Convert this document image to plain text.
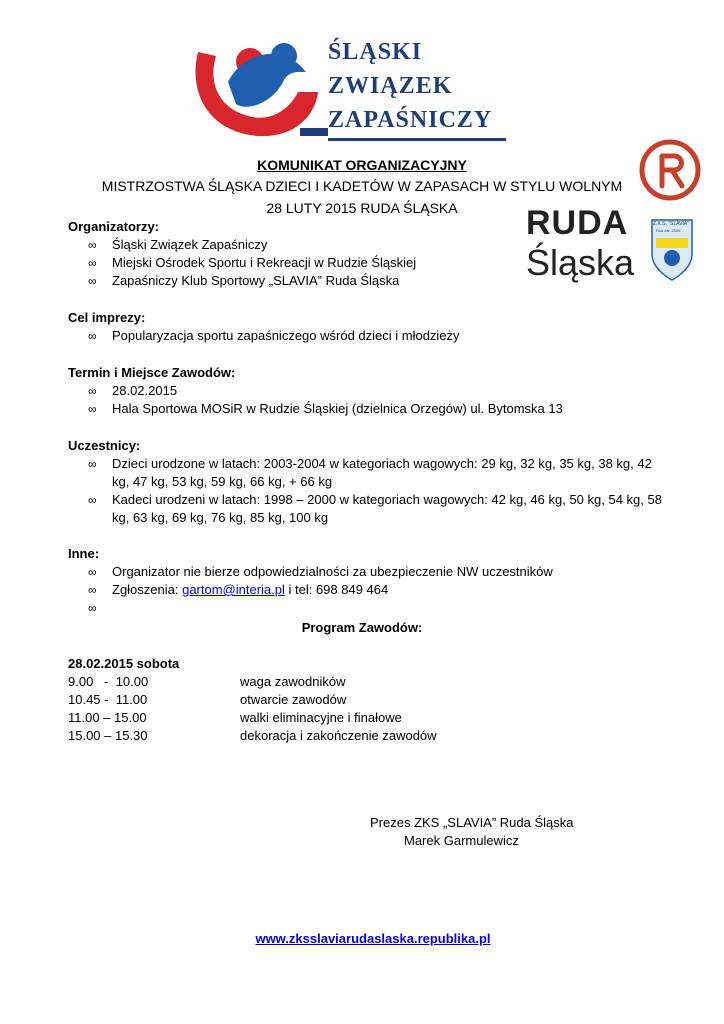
ŚLĄSKI
ZWIĄZEK
ZAPAŚNICZY
RUDA
Śląska
Z.K.S. "SLAVIA"
Rok zał. 2006
KOMUNIKAT ORGANIZACYJNY
MISTRZOSTWA ŚLĄSKA DZIECI I KADETÓW W ZAPASACH W STYLU WOLNYM
28 LUTY 2015 RUDA ŚLĄSKA
Organizatorzy:
∞ Śląski Związek Zapaśniczy
∞ Miejski Ośrodek Sportu i Rekreacji w Rudzie Śląskiej
∞ Zapaśniczy Klub Sportowy „SLAVIA” Ruda Śląska
Cel imprezy:
∞ Popularyzacja sportu zapaśniczego wśród dzieci i młodzieży
Termin i Miejsce Zawodów:
∞ 28.02.2015
∞ Hala Sportowa MOSiR w Rudzie Śląskiej (dzielnica Orzegów) ul. Bytomska 13
Uczestnicy:
∞ Dzieci urodzone w latach: 2003-2004 w kategoriach wagowych: 29 kg, 32 kg, 35 kg, 38 kg, 42 kg, 47 kg, 53 kg, 59 kg, 66 kg, + 66 kg
∞ Kadeci urodzeni w latach: 1998 – 2000 w kategoriach wagowych: 42 kg, 46 kg, 50 kg, 54 kg, 58 kg, 63 kg, 69 kg, 76 kg, 85 kg, 100 kg
Inne:
∞ Organizator nie bierze odpowiedzialności za ubezpieczenie NW uczestników
∞ Zgłoszenia: gartom@interia.pl i tel: 698 849 464
∞

Program Zawodów:
28.02.2015 sobota
9.00   -  10.00	waga zawodników
10.45 -  11.00	otwarcie zawodów
11.00 – 15.00	walki eliminacyjne i finałowe
15.00 – 15.30	dekoracja i zakończenie zawodów
Prezes ZKS „SLAVIA” Ruda Śląska
Marek Garmulewicz
www.zksslaviarudaslaska.republika.pl
